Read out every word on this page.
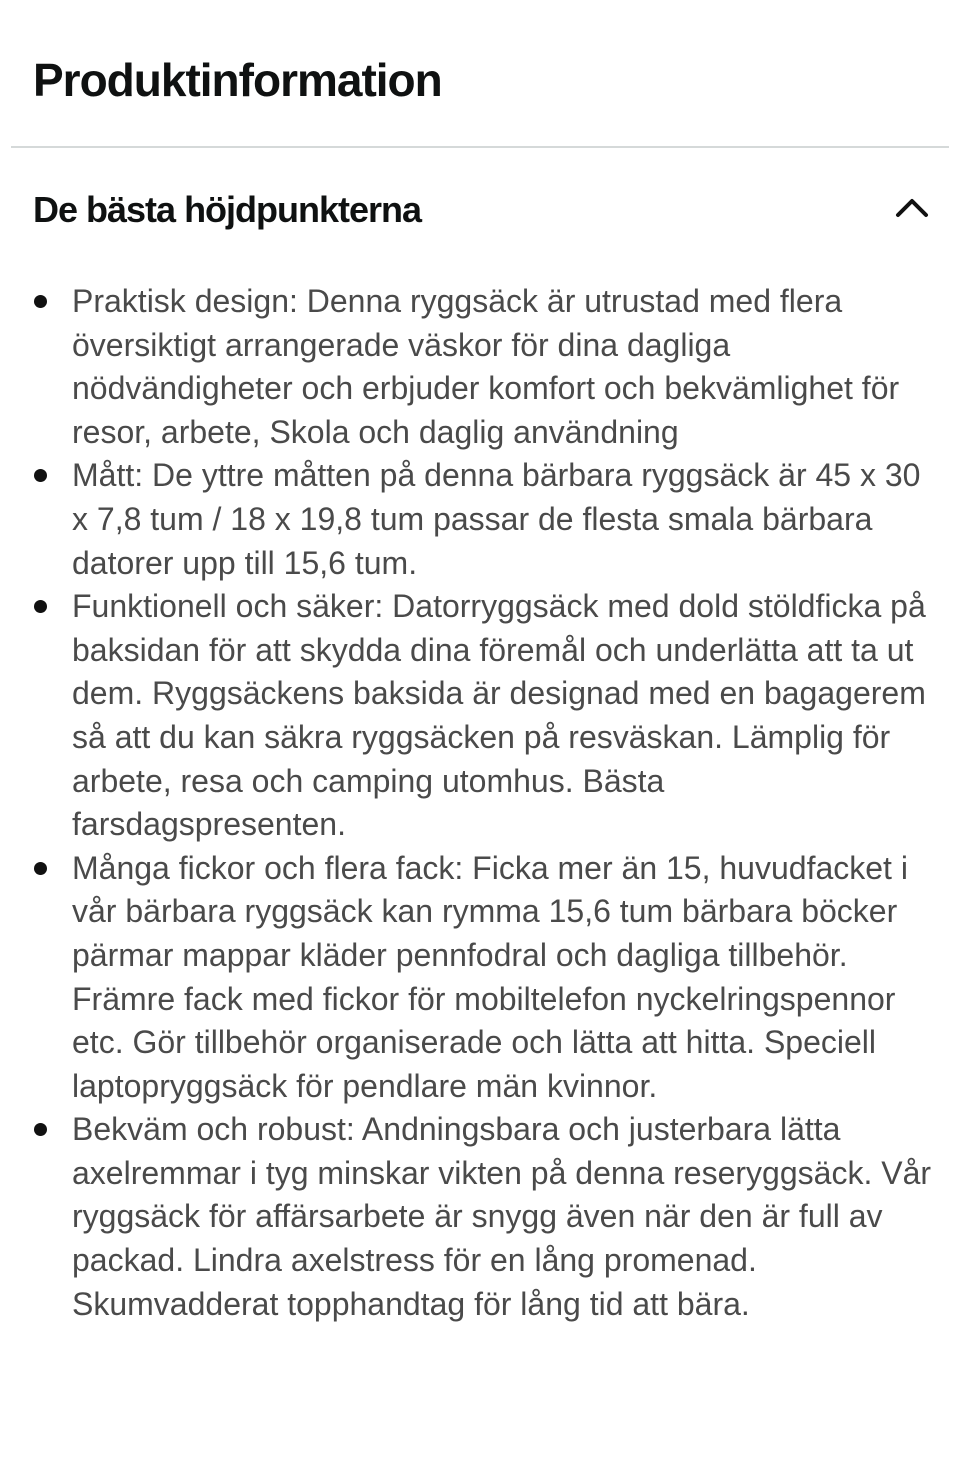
Produktinformation
De bästa höjdpunkterna
Praktisk design: Denna ryggsäck är utrustad med flera översiktigt arrangerade väskor för dina dagliga nödvändigheter och erbjuder komfort och bekvämlighet för resor, arbete, Skola och daglig användning
Mått: De yttre måtten på denna bärbara ryggsäck är 45 x 30 x 7,8 tum / 18 x 19,8 tum passar de flesta smala bärbara datorer upp till 15,6 tum.
Funktionell och säker: Datorryggsäck med dold stöldficka på baksidan för att skydda dina föremål och underlätta att ta ut dem. Ryggsäckens baksida är designad med en bagagerem så att du kan säkra ryggsäcken på resväskan. Lämplig för arbete, resa och camping utomhus. Bästa farsdagspresenten.
Många fickor och flera fack: Ficka mer än 15, huvudfacket i vår bärbara ryggsäck kan rymma 15,6 tum bärbara böcker pärmar mappar kläder pennfodral och dagliga tillbehör. Främre fack med fickor för mobiltelefon nyckelringspennor etc. Gör tillbehör organiserade och lätta att hitta. Speciell laptopryggsäck för pendlare män kvinnor.
Bekväm och robust: Andningsbara och justerbara lätta axelremmar i tyg minskar vikten på denna reseryggsäck. Vår ryggsäck för affärsarbete är snygg även när den är full av packad. Lindra axelstress för en lång promenad. Skumvadderat topphandtag för lång tid att bära.
